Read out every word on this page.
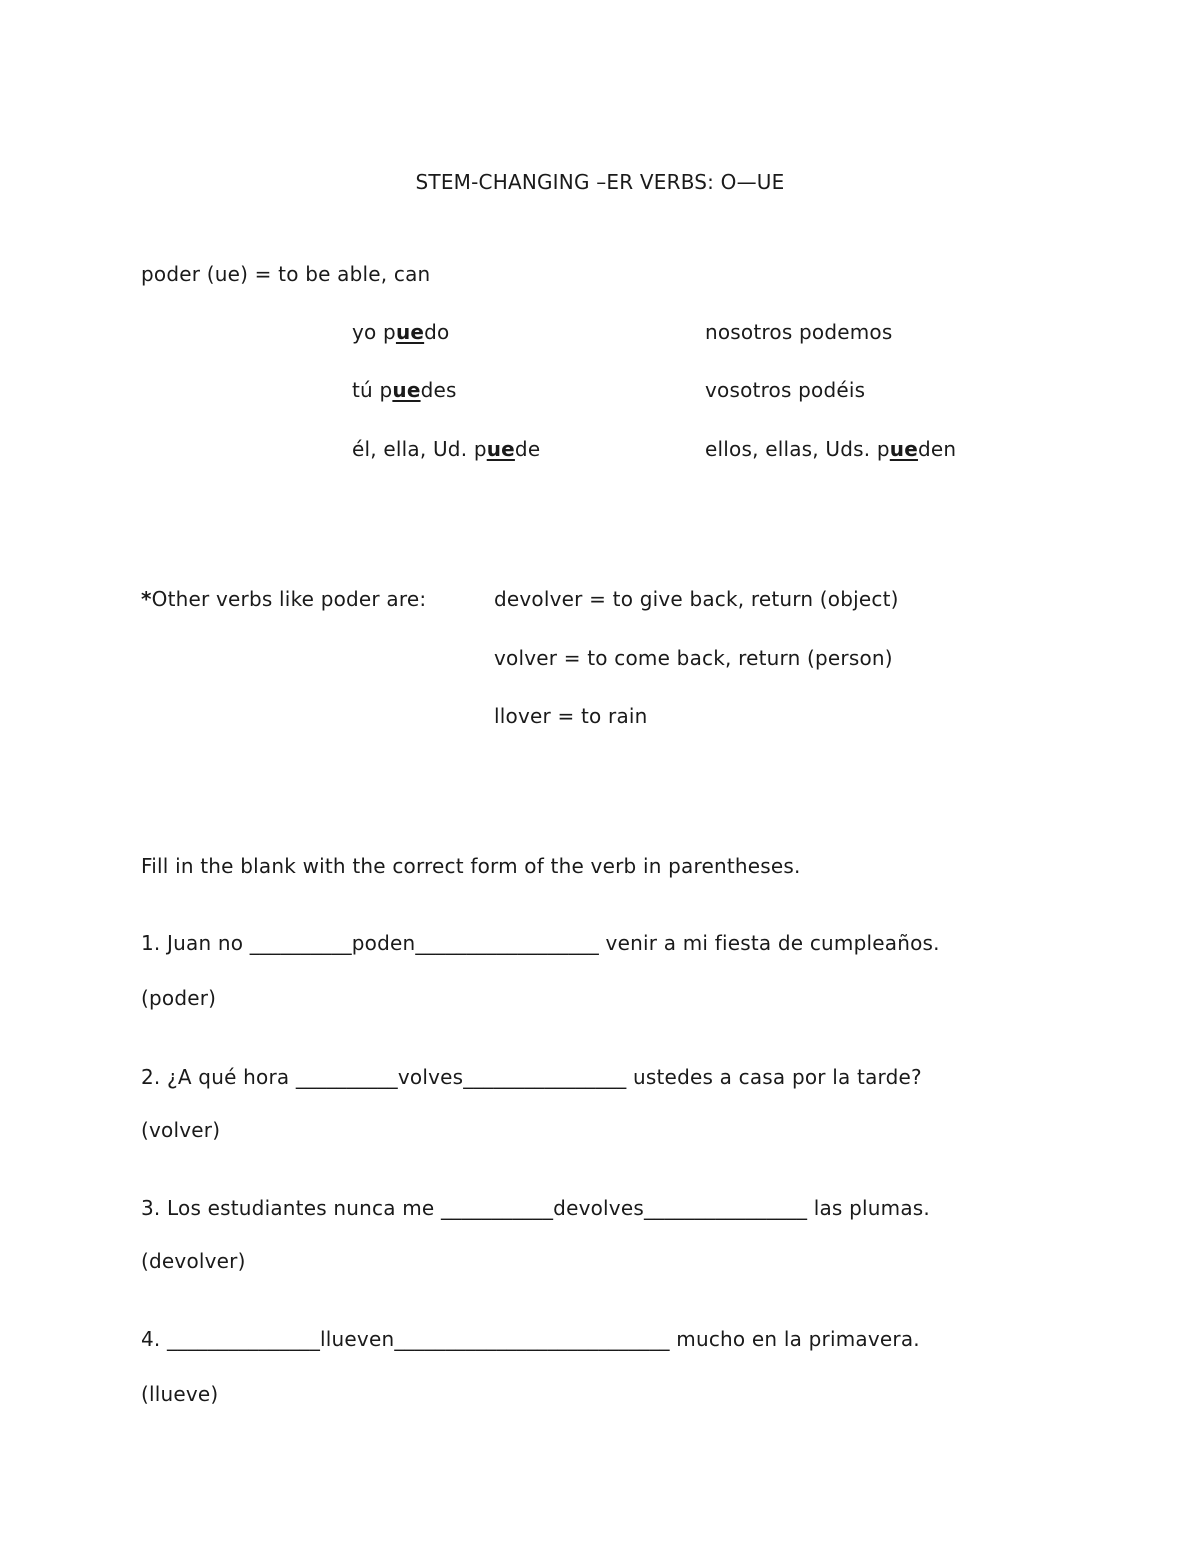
STEM-CHANGING –ER VERBS: O—UE
poder (ue) = to be able, can
yo puedo
tú puedes
él, ella, Ud. puede
nosotros podemos
vosotros podéis
ellos, ellas, Uds. pueden
*Other verbs like poder are:	devolver = to give back, return (object)
volver = to come back, return (person)
llover = to rain
Fill in the blank with the correct form of the verb in parentheses.
1. Juan no __________poden__________________ venir a mi fiesta de cumpleaños.
(poder)
2. ¿A qué hora __________volves________________ ustedes a casa por la tarde?
(volver)
3. Los estudiantes nunca me ___________devolves________________ las plumas.
(devolver)
4. _______________llueven___________________________ mucho en la primavera.
(llueve)
